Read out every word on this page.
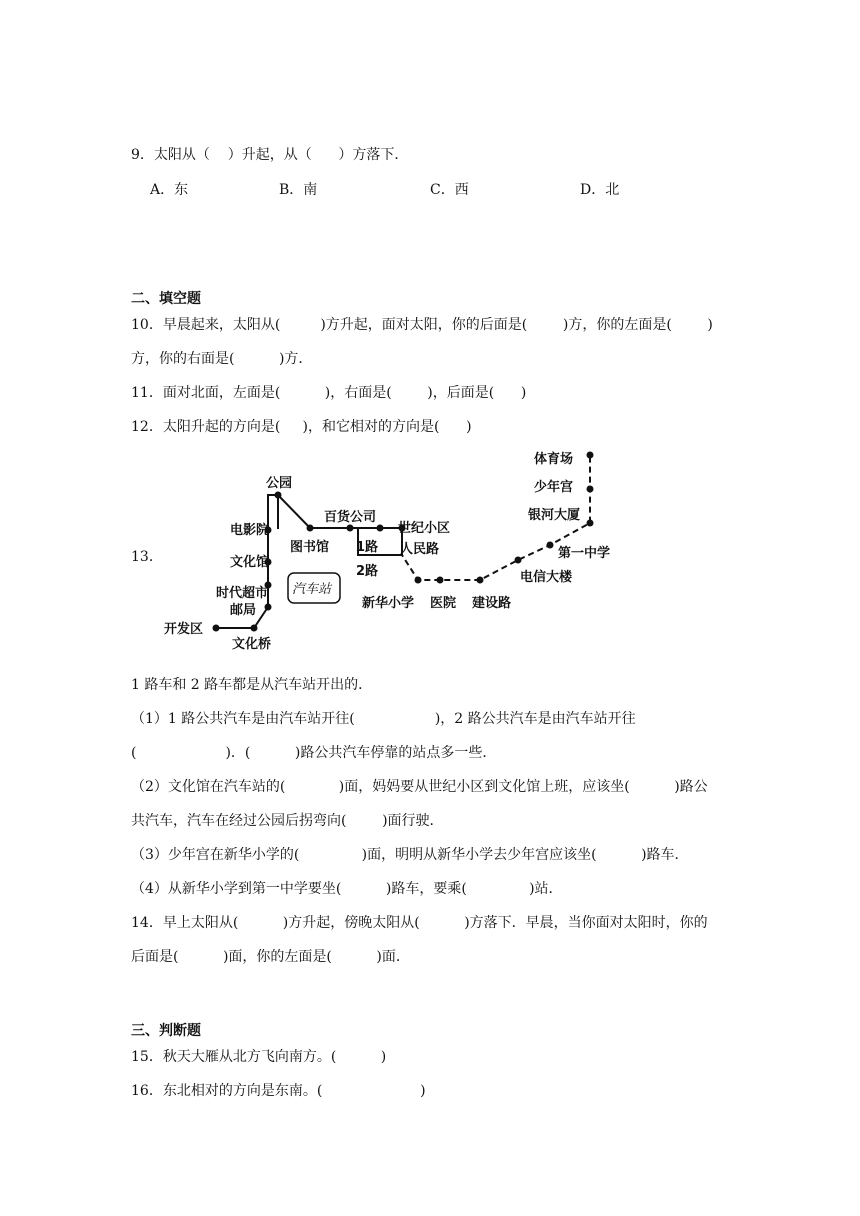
9．太阳从（    ）升起，从（      ）方落下．
A．东	B．南	C．西	D．北
二、填空题
10．早晨起来，太阳从(         )方升起，面对太阳，你的后面是(        )方，你的左面是(        )
方，你的右面是(          )方．
11．面对北面，左面是(          )，右面是(        )，后面是(      )
12．太阳升起的方向是(     )，和它相对的方向是(      )
13．
汽车站
公园
电影院
文化馆
时代超市
邮局
开发区
文化桥
图书馆
百货公司
世纪小区
1路
2路
人民路
新华小学 医院 建设路
电信大楼
第一中学
银河大厦
少年宫
体育场
1 路车和 2 路车都是从汽车站开出的．
（1）1 路公共汽车是由汽车站开往(                  )，2 路公共汽车是由汽车站开往
(                    )．(          )路公共汽车停靠的站点多一些．
（2）文化馆在汽车站的(            )面，妈妈要从世纪小区到文化馆上班，应该坐(          )路公
共汽车，汽车在经过公园后拐弯向(        )面行驶．
（3）少年宫在新华小学的(              )面，明明从新华小学去少年宫应该坐(          )路车．
（4）从新华小学到第一中学要坐(          )路车，要乘(              )站．
14．早上太阳从(          )方升起，傍晚太阳从(          )方落下．早晨，当你面对太阳时，你的
后面是(          )面，你的左面是(          )面．
三、判断题
15．秋天大雁从北方飞向南方。(          )
16．东北相对的方向是东南。(                      )
